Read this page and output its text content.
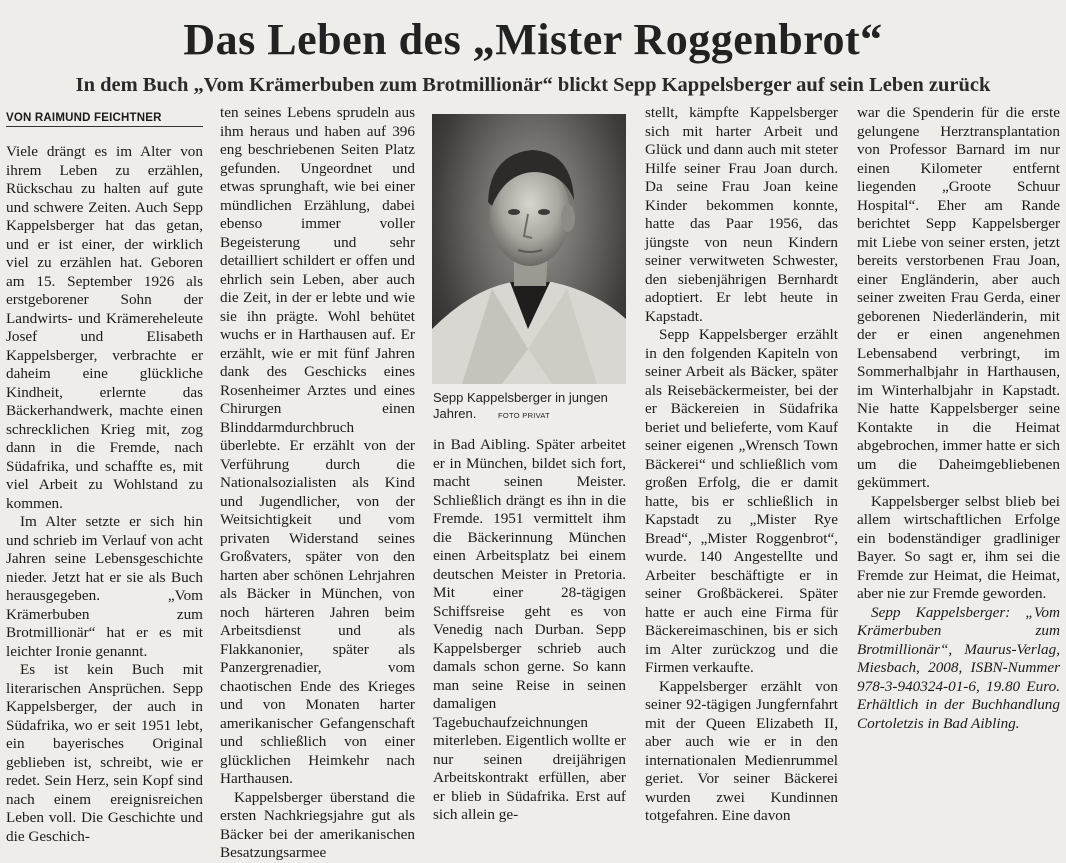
Das Leben des „Mister Roggenbrot“
In dem Buch „Vom Krämerbuben zum Brotmillionär“ blickt Sepp Kappelsberger auf sein Leben zurück
VON RAIMUND FEICHTNER

Viele drängt es im Alter von ihrem Leben zu erzählen, Rückschau zu halten auf gute und schwere Zeiten. Auch Sepp Kappelsberger hat das getan, und er ist einer, der wirklich viel zu erzählen hat. Geboren am 15. September 1926 als erstgeborener Sohn der Landwirts- und Krämereheleute Josef und Elisabeth Kappelsberger, verbrachte er daheim eine glückliche Kindheit, erlernte das Bäckerhandwerk, machte einen schrecklichen Krieg mit, zog dann in die Fremde, nach Südafrika, und schaffte es, mit viel Arbeit zu Wohlstand zu kommen.

Im Alter setzte er sich hin und schrieb im Verlauf von acht Jahren seine Lebensgeschichte nieder. Jetzt hat er sie als Buch herausgegeben. „Vom Krämerbuben zum Brotmillionär“ hat er es mit leichter Ironie genannt.

Es ist kein Buch mit literarischen Ansprüchen. Sepp Kappelsberger, der auch in Südafrika, wo er seit 1951 lebt, ein bayerisches Original geblieben ist, schreibt, wie er redet. Sein Herz, sein Kopf sind nach einem ereignisreichen Leben voll. Die Geschichte und die Geschich-

ten seines Lebens sprudeln aus ihm heraus und haben auf 396 eng beschriebenen Seiten Platz gefunden. Ungeordnet und etwas sprunghaft, wie bei einer mündlichen Erzählung, dabei ebenso immer voller Begeisterung und sehr detailliert schildert er offen und ehrlich sein Leben, aber auch die Zeit, in der er lebte und wie sie ihn prägte. Wohl behütet wuchs er in Harthausen auf. Er erzählt, wie er mit fünf Jahren dank des Geschicks eines Rosenheimer Arztes und eines Chirurgen einen Blinddarmdurchbruch überlebte. Er erzählt von der Verführung durch die Nationalsozialisten als Kind und Jugendlicher, von der Weitsichtigkeit und vom privaten Widerstand seines Großvaters, später von den harten aber schönen Lehrjahren als Bäcker in München, von noch härteren Jahren beim Arbeitsdienst und als Flakkanonier, später als Panzergrenadier, vom chaotischen Ende des Krieges und von Monaten harter amerikanischer Gefangenschaft und schließlich von einer glücklichen Heimkehr nach Harthausen.

Kappelsberger überstand die ersten Nachkriegsjahre gut als Bäcker bei der amerikanischen Besatzungsarmee

Sepp Kappelsberger in jungen Jahren.	FOTO PRIVAT

in Bad Aibling. Später arbeitet er in München, bildet sich fort, macht seinen Meister. Schließlich drängt es ihn in die Fremde. 1951 vermittelt ihm die Bäckerinnung München einen Arbeitsplatz bei einem deutschen Meister in Pretoria. Mit einer 28-tägigen Schiffsreise geht es von Venedig nach Durban. Sepp Kappelsberger schrieb auch damals schon gerne. So kann man seine Reise in seinen damaligen Tagebuchaufzeichnungen miterleben. Eigentlich wollte er nur seinen dreijährigen Arbeitskontrakt erfüllen, aber er blieb in Südafrika. Erst auf sich allein ge-

stellt, kämpfte Kappelsberger sich mit harter Arbeit und Glück und dann auch mit steter Hilfe seiner Frau Joan durch. Da seine Frau Joan keine Kinder bekommen konnte, hatte das Paar 1956, das jüngste von neun Kindern seiner verwitweten Schwester, den siebenjährigen Bernhardt adoptiert. Er lebt heute in Kapstadt.

Sepp Kappelsberger erzählt in den folgenden Kapiteln von seiner Arbeit als Bäcker, später als Reisebäckermeister, bei der er Bäckereien in Südafrika beriet und belieferte, vom Kauf seiner eigenen „Wrensch Town Bäckerei“ und schließlich vom großen Erfolg, die er damit hatte, bis er schließlich in Kapstadt zu „Mister Rye Bread“, „Mister Roggenbrot“, wurde. 140 Angestellte und Arbeiter beschäftigte er in seiner Großbäckerei. Später hatte er auch eine Firma für Bäckereimaschinen, bis er sich im Alter zurückzog und die Firmen verkaufte.

Kappelsberger erzählt von seiner 92-tägigen Jungfernfahrt mit der Queen Elizabeth II, aber auch wie er in den internationalen Medienrummel geriet. Vor seiner Bäckerei wurden zwei Kundinnen totgefahren. Eine davon

war die Spenderin für die erste gelungene Herztransplantation von Professor Barnard im nur einen Kilometer entfernt liegenden „Groote Schuur Hospital“. Eher am Rande berichtet Sepp Kappelsberger mit Liebe von seiner ersten, jetzt bereits verstorbenen Frau Joan, einer Engländerin, aber auch seiner zweiten Frau Gerda, einer geborenen Niederländerin, mit der er einen angenehmen Lebensabend verbringt, im Sommerhalbjahr in Harthausen, im Winterhalbjahr in Kapstadt. Nie hatte Kappelsberger seine Kontakte in die Heimat abgebrochen, immer hatte er sich um die Daheimgebliebenen gekümmert.

Kappelsberger selbst blieb bei allem wirtschaftlichen Erfolge ein bodenständiger gradliniger Bayer. So sagt er, ihm sei die Fremde zur Heimat, die Heimat, aber nie zur Fremde geworden.

Sepp Kappelsberger: „Vom Krämerbuben zum Brotmillionär“, Maurus-Verlag, Miesbach, 2008, ISBN-Nummer 978-3-940324-01-6, 19.80 Euro. Erhältlich in der Buchhandlung Cortoletzis in Bad Aibling.
